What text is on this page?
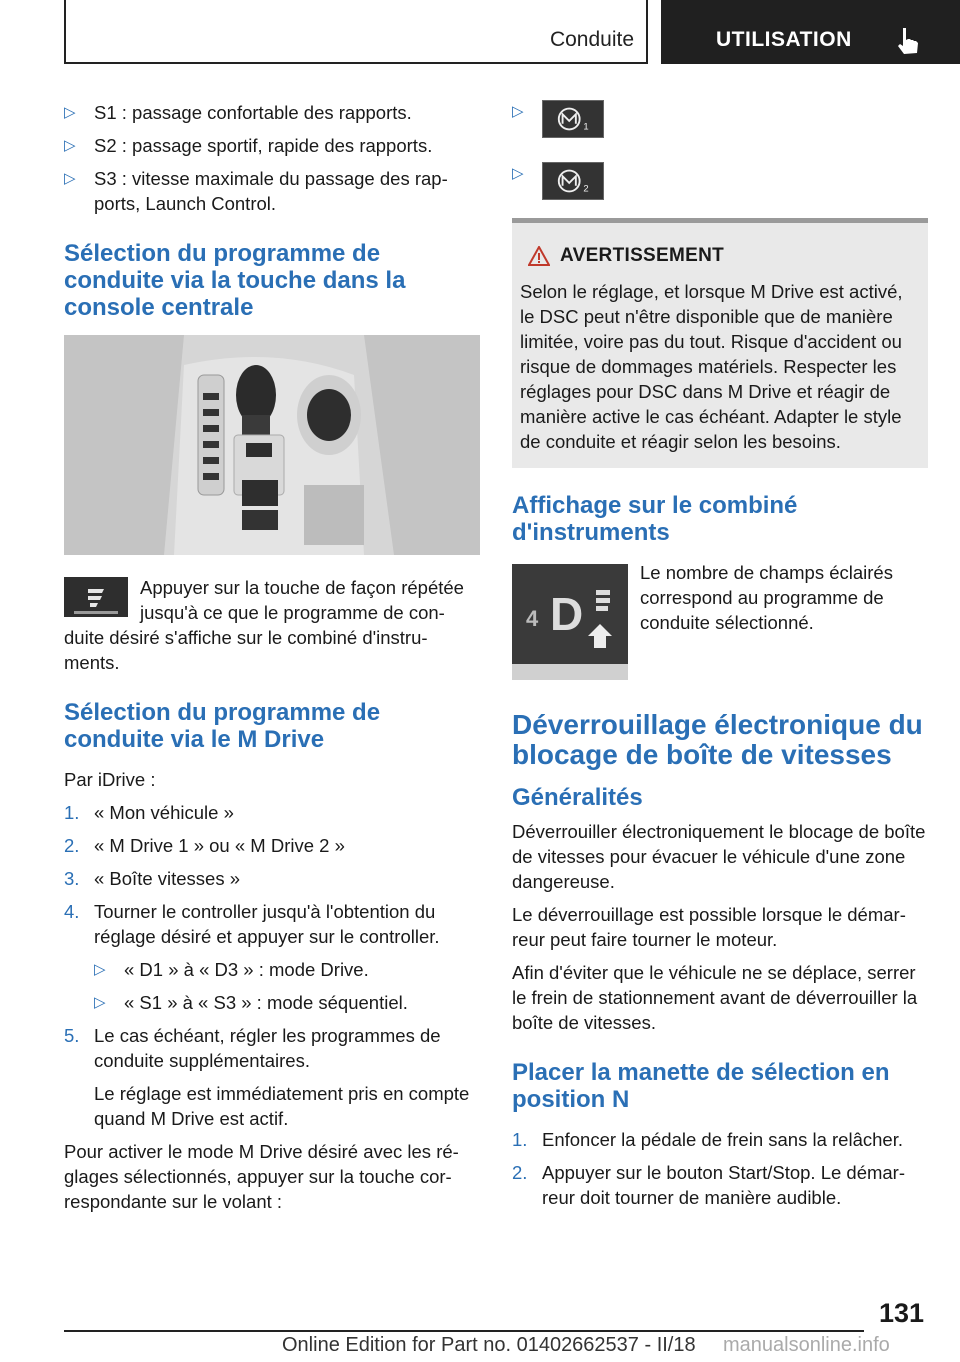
Conduite	UTILISATION
▷ S1 : passage confortable des rapports.
▷ S2 : passage sportif, rapide des rapports.
▷ S3 : vitesse maximale du passage des rap-ports, Launch Control.
Sélection du programme de conduite via la touche dans la console centrale

Appuyer sur la touche de façon répétée jusqu'à ce que le programme de con-duite désiré s'affiche sur le combiné d'instru-ments.

Sélection du programme de conduite via le M Drive

Par iDrive :

1. « Mon véhicule »
2. « M Drive 1 » ou « M Drive 2 »
3. « Boîte vitesses »
4. Tourner le controller jusqu'à l'obtention du réglage désiré et appuyer sur le controller.
▷ « D1 » à « D3 » : mode Drive.
▷ « S1 » à « S3 » : mode séquentiel.
5. Le cas échéant, régler les programmes de conduite supplémentaires.
Le réglage est immédiatement pris en compte quand M Drive est actif.

Pour activer le mode M Drive désiré avec les ré-glages sélectionnés, appuyer sur la touche cor-respondante sur le volant :

▷
1
▷
2
AVERTISSEMENT

Selon le réglage, et lorsque M Drive est activé, le DSC peut n'être disponible que de manière limitée, voire pas du tout. Risque d'accident ou risque de dommages matériels. Respecter les réglages pour DSC dans M Drive et réagir de manière active le cas échéant. Adapter le style de conduite et réagir selon les besoins.

Affichage sur le combiné d'instruments
4 D
Le nombre de champs éclairés correspond au programme de conduite sélectionné.
Déverrouillage électronique du blocage de boîte de vitesses
Généralités

Déverrouiller électroniquement le blocage de boîte de vitesses pour évacuer le véhicule d'une zone dangereuse.

Le déverrouillage est possible lorsque le démar-reur peut faire tourner le moteur.

Afin d'éviter que le véhicule ne se déplace, serrer le frein de stationnement avant de déverrouiller la boîte de vitesses.

Placer la manette de sélection en position N
1. Enfoncer la pédale de frein sans la relâcher.
2. Appuyer sur le bouton Start/Stop. Le démar-reur doit tourner de manière audible.
131
Online Edition for Part no. 01402662537 - II/18 manualsonline.info
